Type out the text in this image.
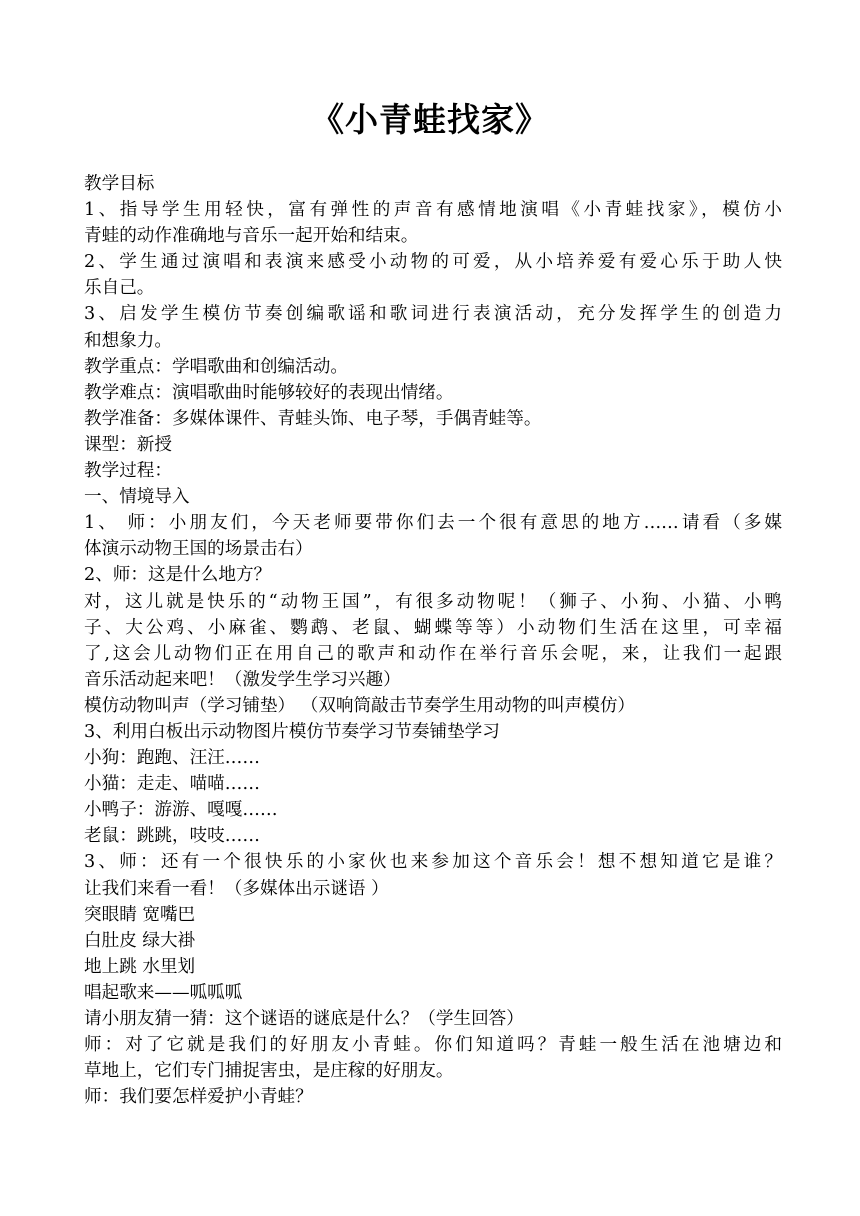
《小青蛙找家》
教学目标
1、指导学生用轻快，富有弹性的声音有感情地演唱《小青蛙找家》，模仿小
青蛙的动作准确地与音乐一起开始和结束。
2、学生通过演唱和表演来感受小动物的可爱，从小培养爱有爱心乐于助人快
乐自己。
3、启发学生模仿节奏创编歌谣和歌词进行表演活动，充分发挥学生的创造力
和想象力。
教学重点：学唱歌曲和创编活动。
教学难点：演唱歌曲时能够较好的表现出情绪。
教学准备：多媒体课件、青蛙头饰、电子琴，手偶青蛙等。
课型：新授
教学过程：
一、情境导入
1、 师：小朋友们，今天老师要带你们去一个很有意思的地方……请看（多媒
体演示动物王国的场景击右）
2、师：这是什么地方？
对，这儿就是快乐的“动物王国”，有很多动物呢！（狮子、小狗、小猫、小鸭
子、大公鸡、小麻雀、鹦鹉、老鼠、蝴蝶等等）小动物们生活在这里，可幸福
了,这会儿动物们正在用自己的歌声和动作在举行音乐会呢，来，让我们一起跟
音乐活动起来吧！（激发学生学习兴趣）
模仿动物叫声（学习铺垫） （双响筒敲击节奏学生用动物的叫声模仿）
3、利用白板出示动物图片模仿节奏学习节奏铺垫学习
小狗：跑跑、汪汪……
小猫：走走、喵喵……
小鸭子：游游、嘎嘎……
老鼠：跳跳，吱吱……
3、师：还有一个很快乐的小家伙也来参加这个音乐会！想不想知道它是谁？
让我们来看一看！（多媒体出示谜语 ）
突眼睛 宽嘴巴
白肚皮 绿大褂
地上跳 水里划
唱起歌来——呱呱呱
请小朋友猜一猜：这个谜语的谜底是什么？（学生回答）
师：对了它就是我们的好朋友小青蛙。你们知道吗？青蛙一般生活在池塘边和
草地上，它们专门捕捉害虫，是庄稼的好朋友。
师：我们要怎样爱护小青蛙？
